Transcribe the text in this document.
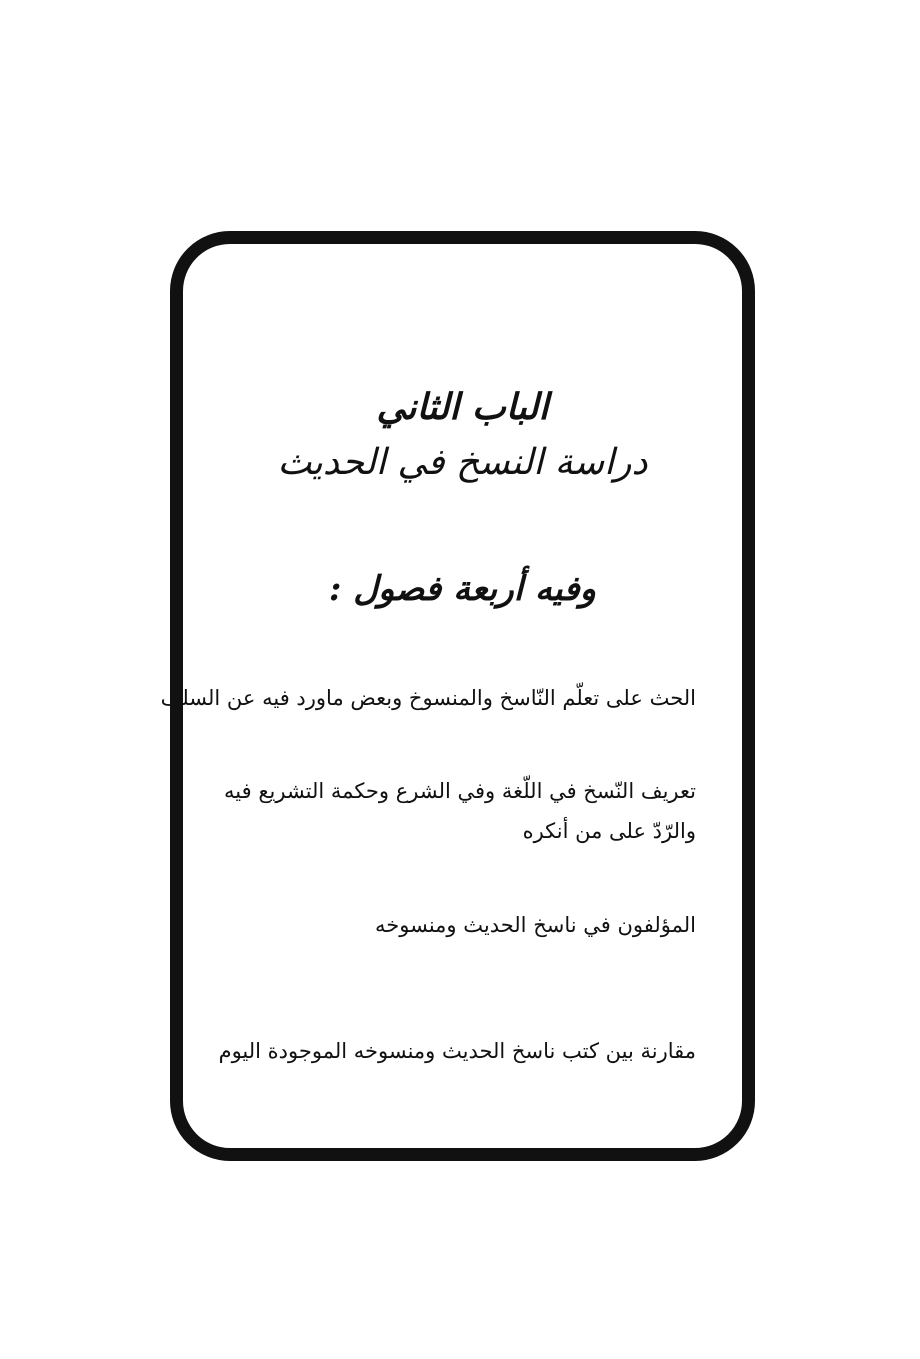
الباب الثاني
دراسة النسخ في الحديث
وفيه أربعة فصول :
الحث على تعلّم النّاسخ والمنسوخ وبعض ماورد فيه عن السلف
تعريف النّسخ في اللّغة وفي الشرع وحكمة التشريع فيه
والرّدّ على من أنكره
المؤلفون في ناسخ الحديث ومنسوخه
مقارنة بين كتب ناسخ الحديث ومنسوخه الموجودة اليوم
